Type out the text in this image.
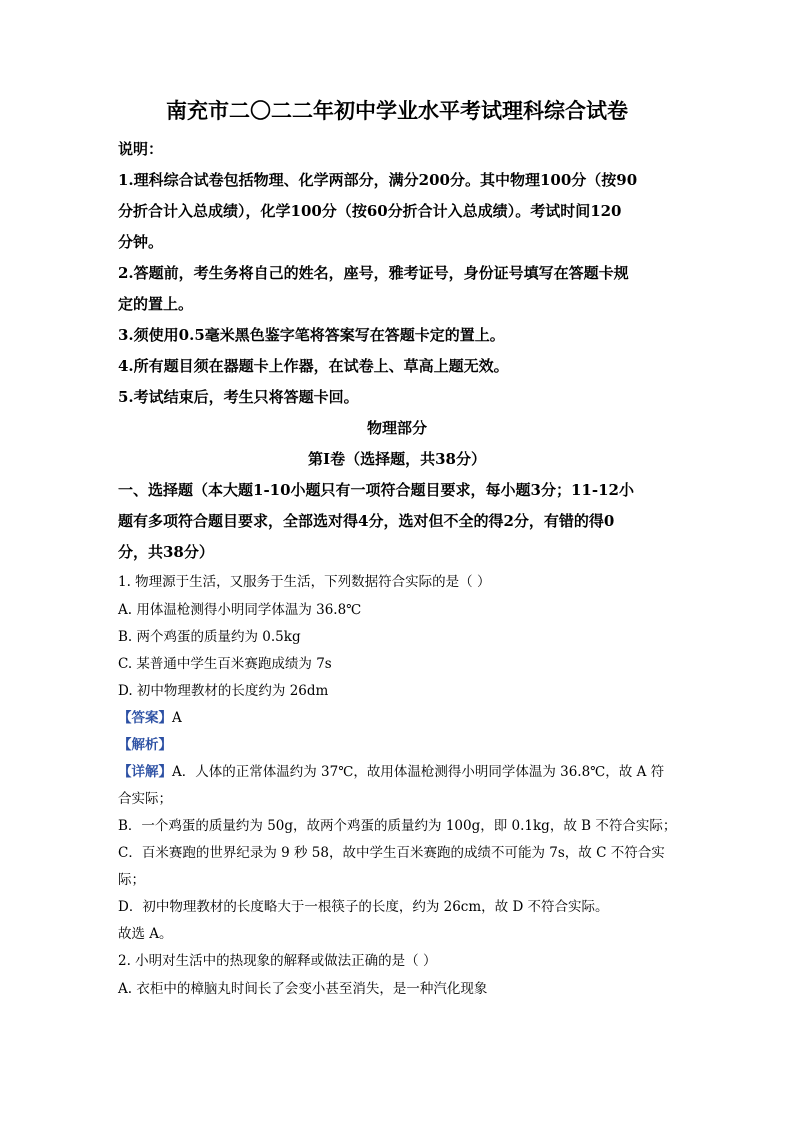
南充市二〇二二年初中学业水平考试理科综合试卷
说明：
1.理科综合试卷包括物理、化学两部分，满分200分。其中物理100分（按90
分折合计入总成绩），化学100分（按60分折合计入总成绩）。考试时间120
分钟。
2.答题前，考生务将自己的姓名，座号，雅考证号，身份证号填写在答题卡规
定的置上。
3.须使用0.5毫米黑色鉴字笔将答案写在答题卡定的置上。
4.所有题目须在器题卡上作器，在试卷上、草高上题无效。
5.考试结束后，考生只将答题卡回。
物理部分
第I卷（选择题，共38分）
一、选择题（本大题1-10小题只有一项符合题目要求，每小题3分；11-12小
题有多项符合题目要求，全部选对得4分，选对但不全的得2分，有错的得0
分，共38分）
1. 物理源于生活，又服务于生活，下列数据符合实际的是（ ）
A. 用体温枪测得小明同学体温为 36.8℃
B. 两个鸡蛋的质量约为 0.5kg
C. 某普通中学生百米赛跑成绩为 7s
D. 初中物理教材的长度约为 26dm
【答案】A
【解析】
【详解】A．人体的正常体温约为 37℃，故用体温枪测得小明同学体温为 36.8℃，故 A 符
合实际；
B．一个鸡蛋的质量约为 50g，故两个鸡蛋的质量约为 100g，即 0.1kg，故 B 不符合实际；
C．百米赛跑的世界纪录为 9 秒 58，故中学生百米赛跑的成绩不可能为 7s，故 C 不符合实
际；
D．初中物理教材的长度略大于一根筷子的长度，约为 26cm，故 D 不符合实际。
故选 A。
2. 小明对生活中的热现象的解释或做法正确的是（ ）
A. 衣柜中的樟脑丸时间长了会变小甚至消失，是一种汽化现象
